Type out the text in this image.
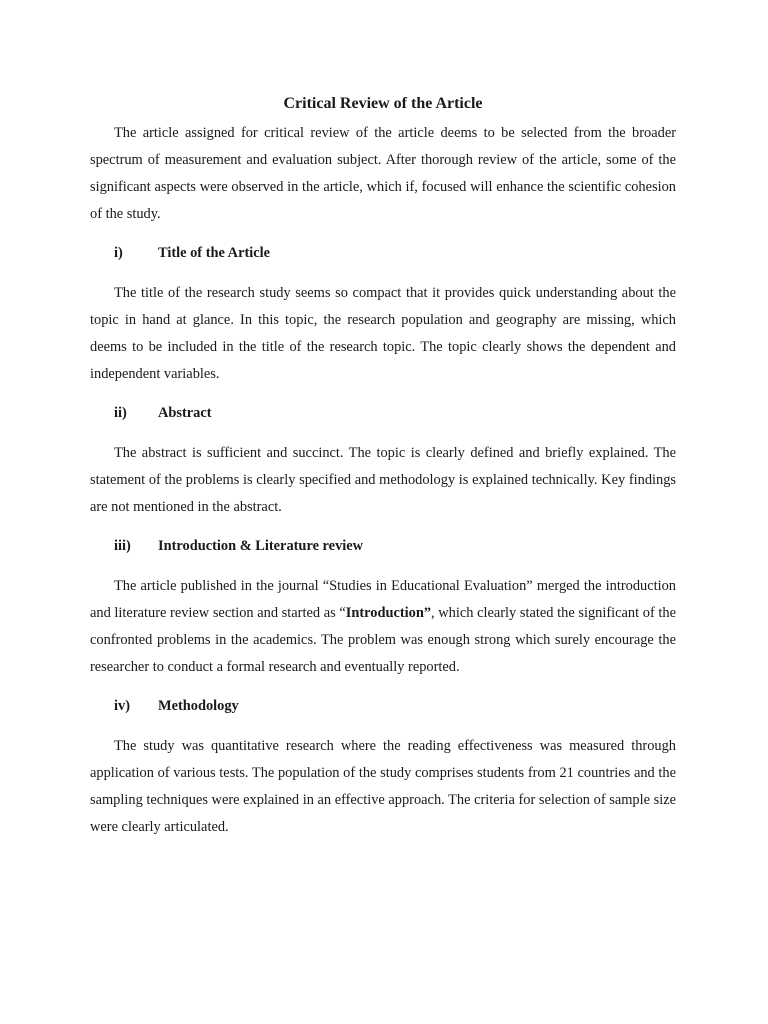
Critical Review of the Article

The article assigned for critical review of the article deems to be selected from the broader spectrum of measurement and evaluation subject. After thorough review of the article, some of the significant aspects were observed in the article, which if, focused will enhance the scientific cohesion of the study.

i)	Title of the Article

The title of the research study seems so compact that it provides quick understanding about the topic in hand at glance. In this topic, the research population and geography are missing, which deems to be included in the title of the research topic. The topic clearly shows the dependent and independent variables.

ii)	Abstract

The abstract is sufficient and succinct. The topic is clearly defined and briefly explained. The statement of the problems is clearly specified and methodology is explained technically. Key findings are not mentioned in the abstract.

iii)	Introduction & Literature review

The article published in the journal “Studies in Educational Evaluation” merged the introduction and literature review section and started as “Introduction”, which clearly stated the significant of the confronted problems in the academics. The problem was enough strong which surely encourage the researcher to conduct a formal research and eventually reported.

iv)	Methodology

The study was quantitative research where the reading effectiveness was measured through application of various tests. The population of the study comprises students from 21 countries and the sampling techniques were explained in an effective approach. The criteria for selection of sample size were clearly articulated.
